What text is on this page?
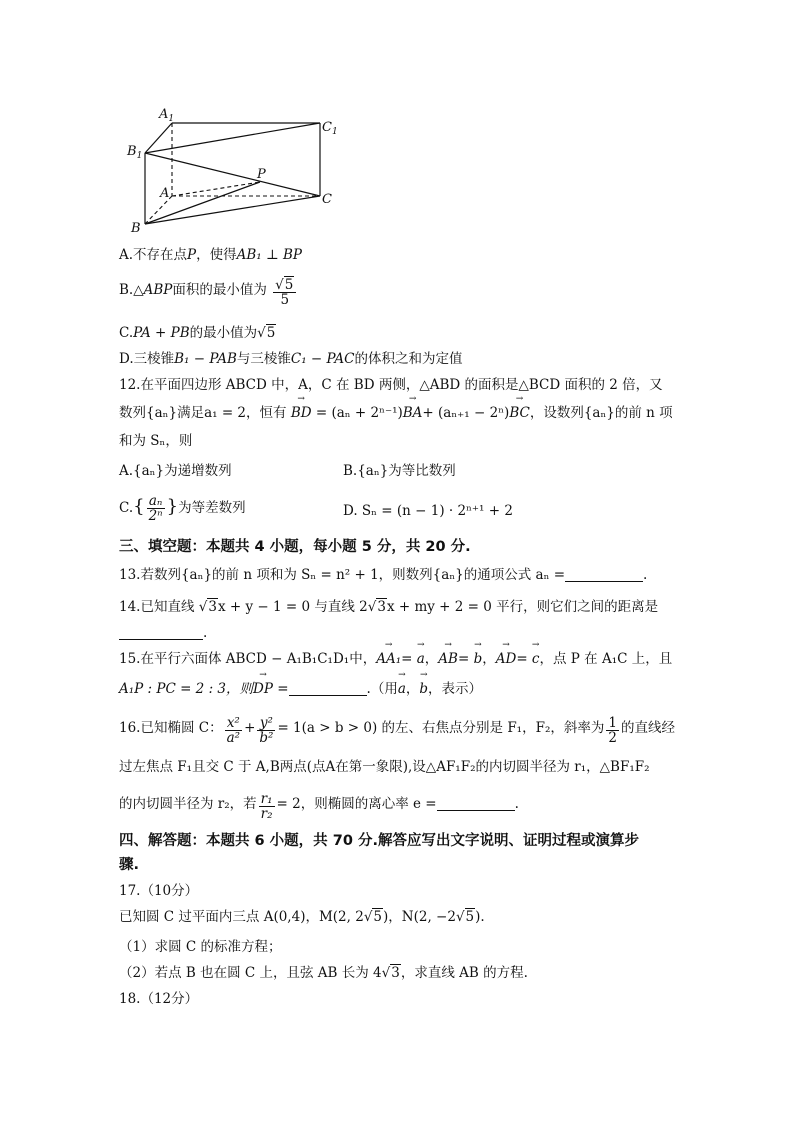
$A_1$
$B_1$
$C_1$
A
P
C
B
A.不存在点P，使得AB₁ ⊥ BP
B.△ABP面积的最小值为 $\frac{√5}{5}$
C.PA + PB的最小值为√5
D.三棱锥B₁ − PAB与三棱锥C₁ − PAC的体积之和为定值
12.在平面四边形 ABCD 中，A，C 在 BD 两侧，△ABD 的面积是△BCD 面积的 2 倍，又
数列{aₙ}满足a₁ = 2，恒有 → BD = (aₙ + 2ⁿ⁻¹)→ BA+ (aₙ₊₁ − 2ⁿ)→ BC，设数列{aₙ}的前 n 项
和为 Sₙ，则
A.{aₙ}为递增数列	B.{aₙ}为等比数列
$C.\{ \frac{\text{aₙ}}{\text{2ⁿ}}$ }为等差数列	D. Sₙ = (n − 1) · 2ⁿ⁺¹ + 2
三、填空题：本题共 4 小题，每小题 5 分，共 20 分.
13.若数列{aₙ}的前 n 项和为 Sₙ = n² + 1，则数列{aₙ}的通项公式 aₙ =	.
14.已知直线 √3x + y − 1 = 0 与直线 2√3x + my + 2 = 0 平行，则它们之间的距离是
.
15.在平行六面体 ABCD − A₁B₁C₁D₁中，→ AA₁= → a，→ AB= → b，→ AD= → c，点 P 在 A₁C 上，且
A₁P : PC = 2 : 3，则→ DP =	.（用→ a，→ b，表示）
16.已知椭圆 C： $\frac{\text{x²}}{\text{a²}} + \frac{\text{y²}}{\text{b²}} = 1(a > b > 0)$ 的左、右焦点分别是 F₁，F₂，斜率为 $\frac{1}{2}$ 的直线经
过左焦点 F₁且交 C 于 A,B两点(点A在第一象限),设△AF₁F₂的内切圆半径为 r₁，△BF₁F₂
的内切圆半径为 r₂，若 $\frac{\text{r₁}}{\text{r₂}} = 2$，则椭圆的离心率 e =	.
四、解答题：本题共 6 小题，共 70 分.解答应写出文字说明、证明过程或演算步
骤.
17.（10分）
已知圆 C 过平面内三点 A(0,4)，M(2, 2√5)，N(2, −2√5).
（1）求圆 C 的标准方程；
（2）若点 B 也在圆 C 上，且弦 AB 长为 4√3，求直线 AB 的方程.
18.（12分）
